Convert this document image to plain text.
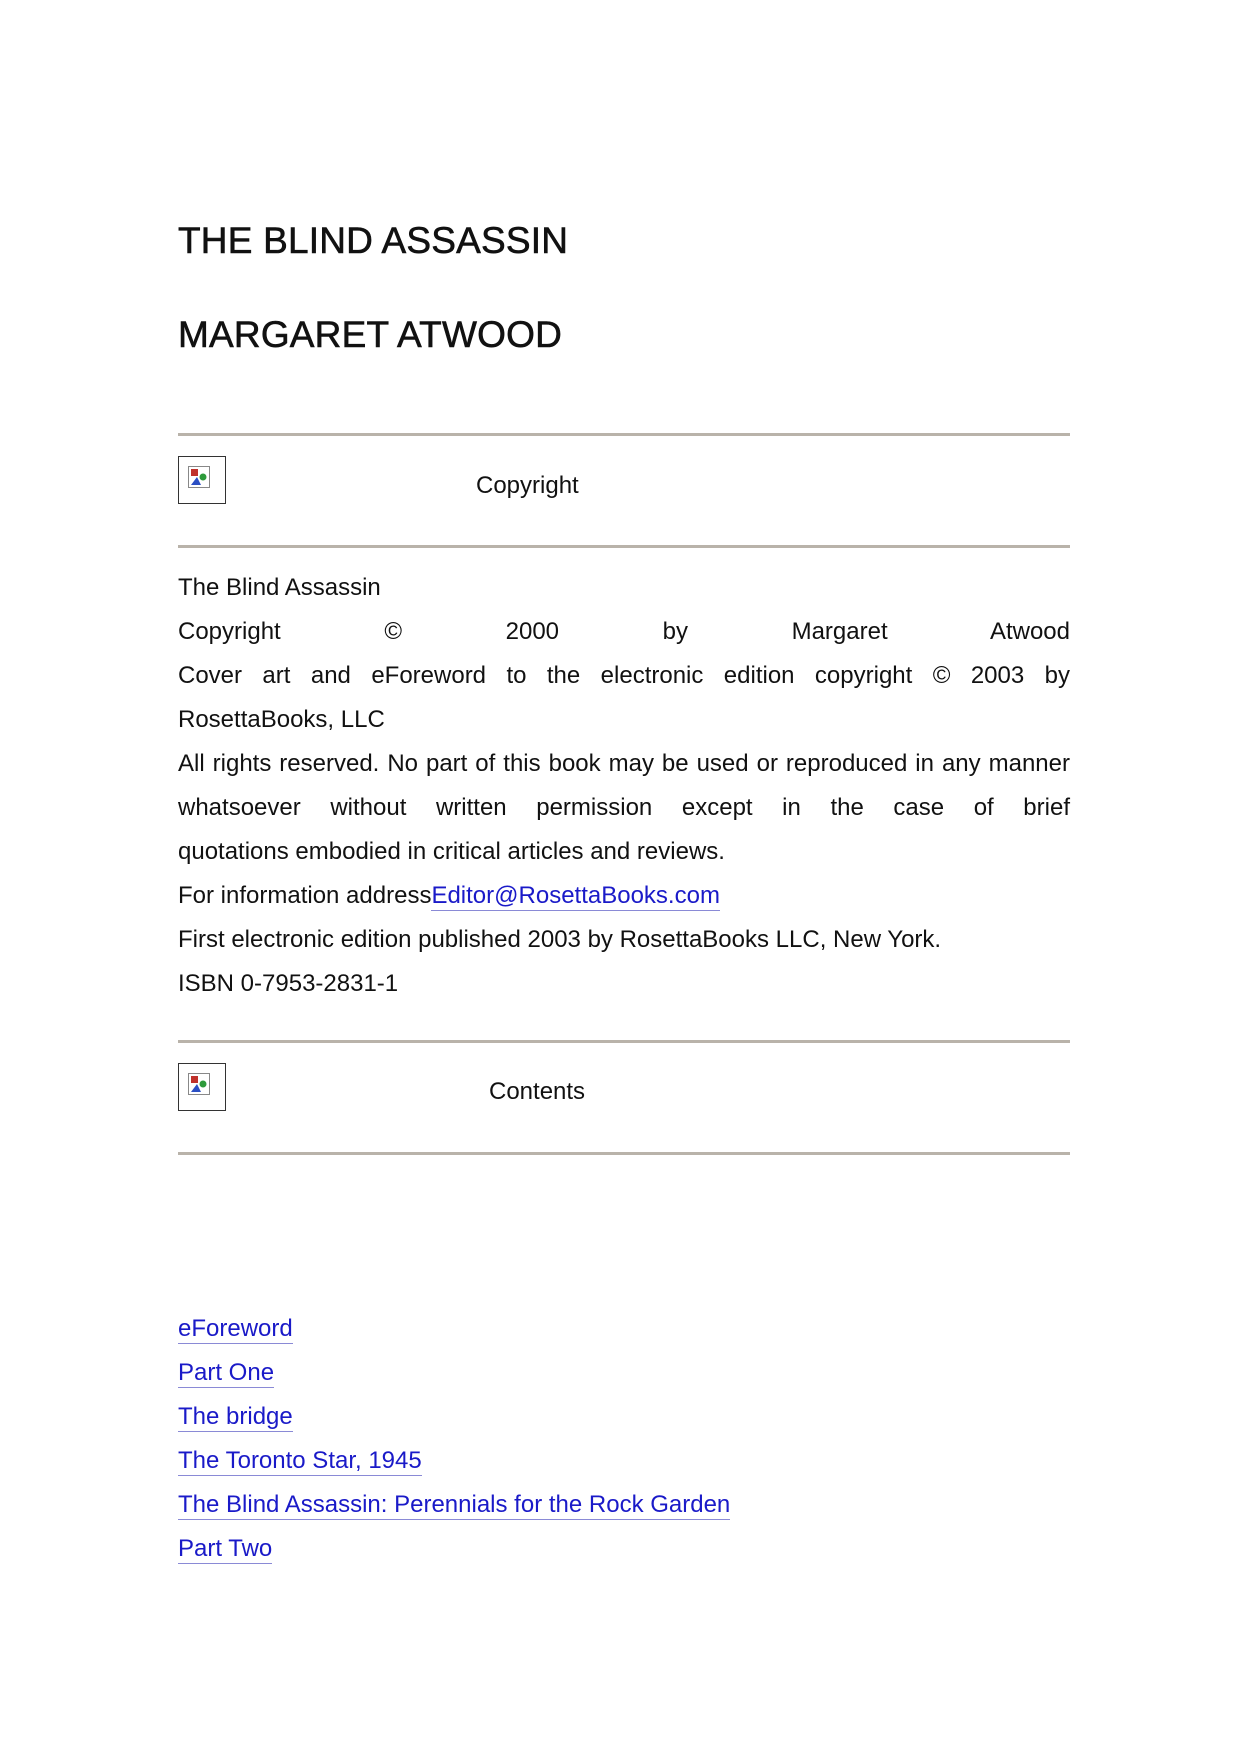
THE BLIND ASSASSIN
MARGARET ATWOOD
Copyright

The Blind Assassin

Copyright	©	2000	by	Margaret	Atwood

Cover art and eForeword to the electronic edition copyright © 2003 by

RosettaBooks, LLC

All rights reserved. No part of this book may be used or reproduced in any manner whatsoever without written permission except in the case of brief

quotations embodied in critical articles and reviews.

For information addressEditor@RosettaBooks.com

First electronic edition published 2003 by RosettaBooks LLC, New York.

ISBN 0-7953-2831-1

Contents
eForeword
Part One
The bridge
The Toronto Star, 1945
The Blind Assassin: Perennials for the Rock Garden
Part Two
